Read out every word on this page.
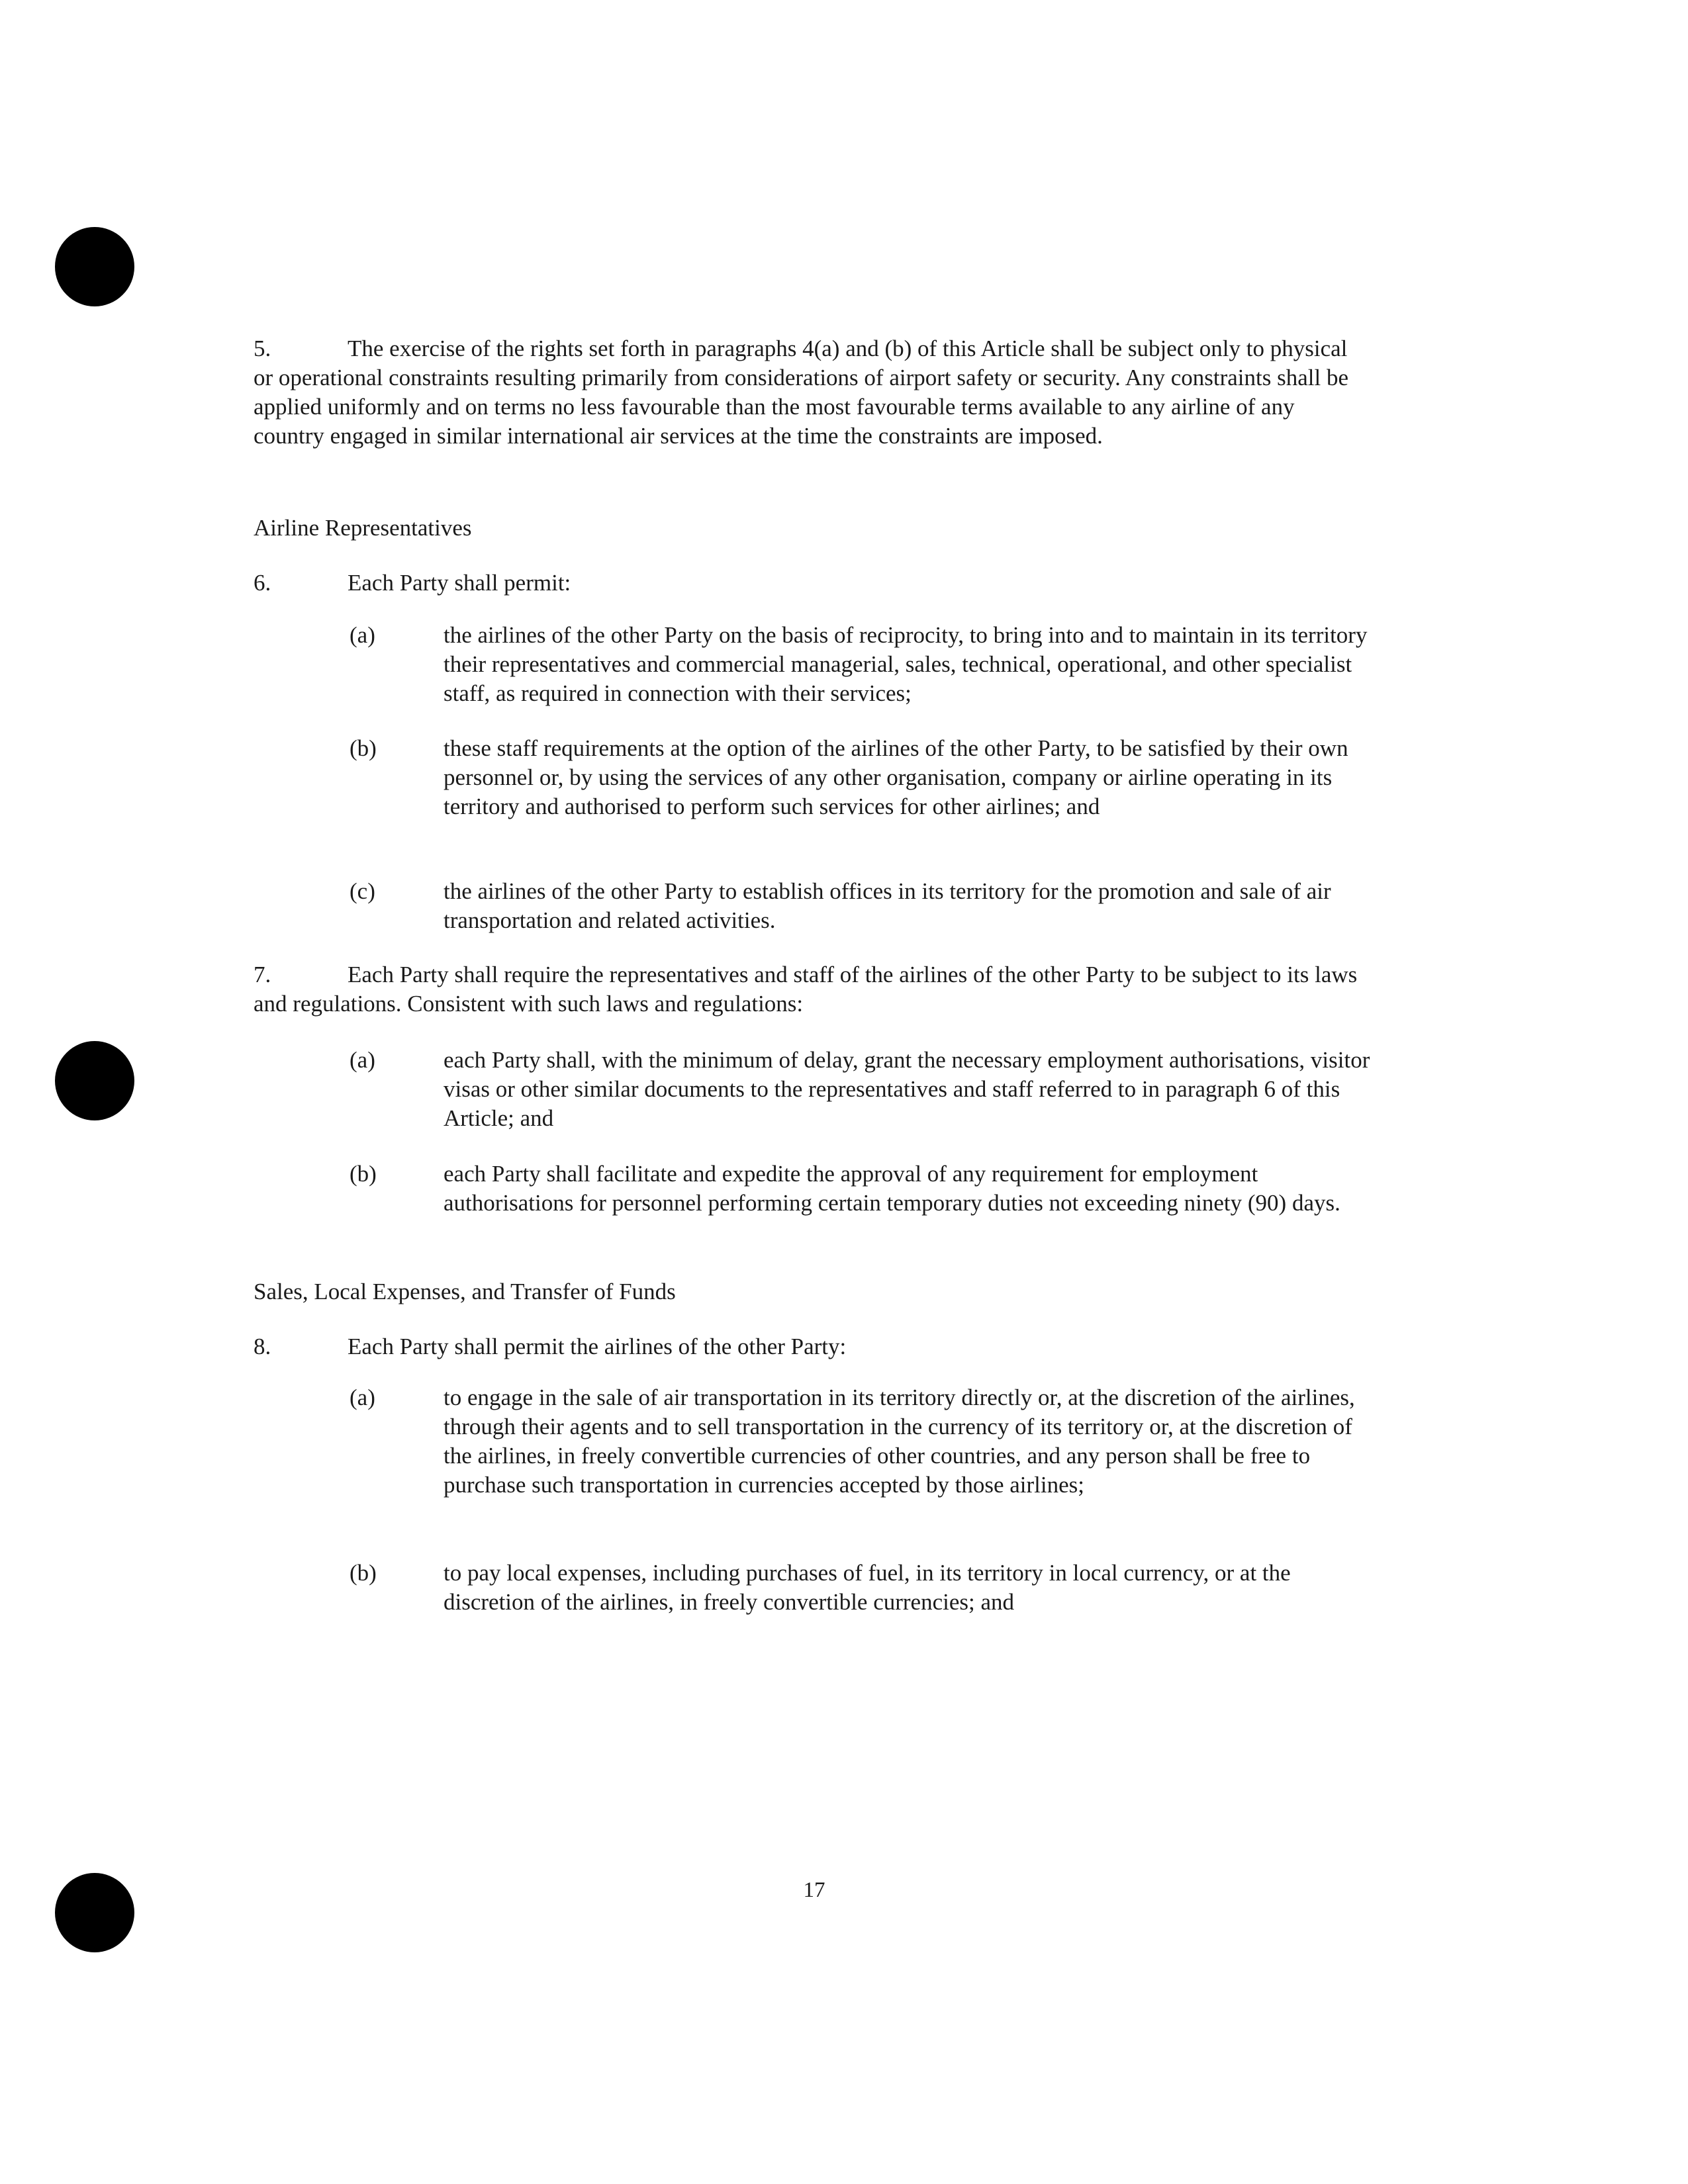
5.	The exercise of the rights set forth in paragraphs 4(a) and (b) of this Article shall be subject only to physical or operational constraints resulting primarily from considerations of airport safety or security. Any constraints shall be applied uniformly and on terms no less favourable than the most favourable terms available to any airline of any country engaged in similar international air services at the time the constraints are imposed.

Airline Representatives

6.	Each Party shall permit:

(a)	the airlines of the other Party on the basis of reciprocity, to bring into and to maintain in its territory their representatives and commercial managerial, sales, technical, operational, and other specialist staff, as required in connection with their services;
(b)	these staff requirements at the option of the airlines of the other Party, to be satisfied by their own personnel or, by using the services of any other organisation, company or airline operating in its territory and authorised to perform such services for other airlines; and
(c)	the airlines of the other Party to establish offices in its territory for the promotion and sale of air transportation and related activities.

7.	Each Party shall require the representatives and staff of the airlines of the other Party to be subject to its laws and regulations. Consistent with such laws and regulations:

(a)	each Party shall, with the minimum of delay, grant the necessary employment authorisations, visitor visas or other similar documents to the representatives and staff referred to in paragraph 6 of this Article; and
(b)	each Party shall facilitate and expedite the approval of any requirement for employment authorisations for personnel performing certain temporary duties not exceeding ninety (90) days.
Sales, Local Expenses, and Transfer of Funds

8.	Each Party shall permit the airlines of the other Party:

(a)	to engage in the sale of air transportation in its territory directly or, at the discretion of the airlines, through their agents and to sell transportation in the currency of its territory or, at the discretion of the airlines, in freely convertible currencies of other countries, and any person shall be free to purchase such transportation in currencies accepted by those airlines;
(b)	to pay local expenses, including purchases of fuel, in its territory in local currency, or at the discretion of the airlines, in freely convertible currencies; and
17
